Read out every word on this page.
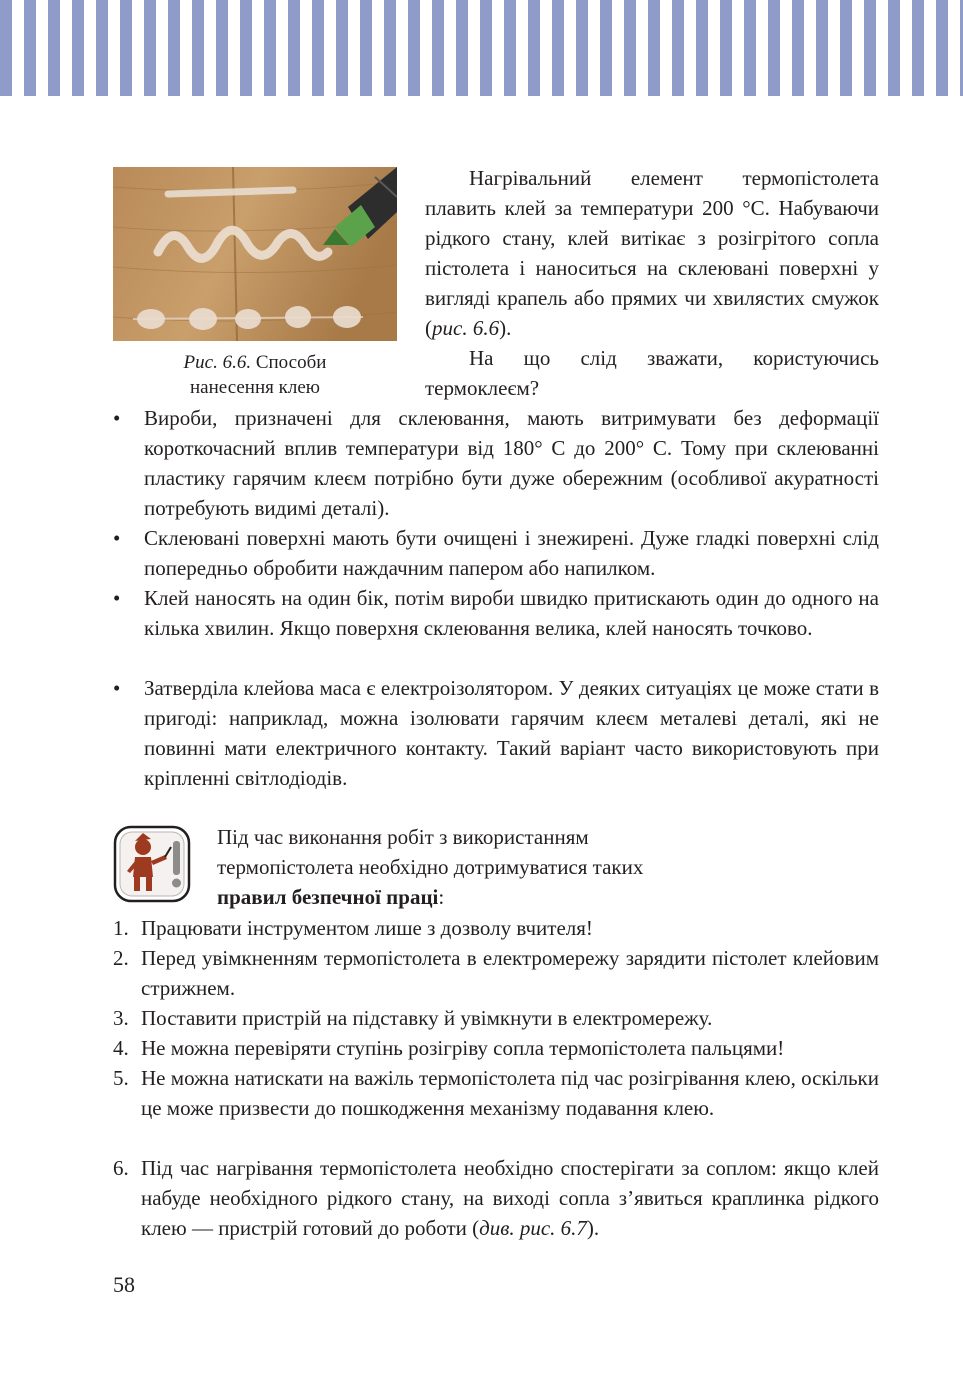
Рис. 6.6. Способи
нанесення клею

Нагрівальний елемент термопістолета плавить клей за температури 200 °С. Набуваючи рідкого стану, клей витікає з розігрітого сопла пістолета і наноситься на склеювані поверхні у вигляді крапель або прямих чи хвилястих смужок (рис. 6.6).

На що слід зважати, користуючись термоклеєм?

•	Вироби, призначені для склеювання, мають витримувати без деформації короткочасний вплив температури від 180° С до 200° С. Тому при склеюванні пластику гарячим клеєм потрібно бути дуже обережним (особливої акуратності потребують видимі деталі).
•	Склеювані поверхні мають бути очищені і знежирені. Дуже гладкі поверхні слід попередньо обробити наждачним папером або напилком.
•	Клей наносять на один бік, потім вироби швидко притискають один до одного на кілька хвилин. Якщо поверхня склеювання велика, клей наносять точково.
•	Затверділа клейова маса є електроізолятором. У деяких ситуаціях це може стати в пригоді: наприклад, можна ізолювати гарячим клеєм металеві деталі, які не повинні мати електричного контакту. Такий варіант часто використовують при кріпленні світлодіодів.
Під час виконання робіт з використанням
термопістолета необхідно дотримуватися таких
правил безпечної праці:
1. Працювати інструментом лише з дозволу вчителя!
2. Перед увімкненням термопістолета в електромережу зарядити пістолет клейовим стрижнем.
3. Поставити пристрій на підставку й увімкнути в електромережу.
4. Не можна перевіряти ступінь розігріву сопла термопістолета пальцями!
5. Не можна натискати на важіль термопістолета під час розігрівання клею, оскільки це може призвести до пошкодження механізму подавання клею.
6. Під час нагрівання термопістолета необхідно спостерігати за соплом: якщо клей набуде необхідного рідкого стану, на виході сопла з’явиться краплинка рідкого клею — пристрій готовий до роботи (див. рис. 6.7).
58
